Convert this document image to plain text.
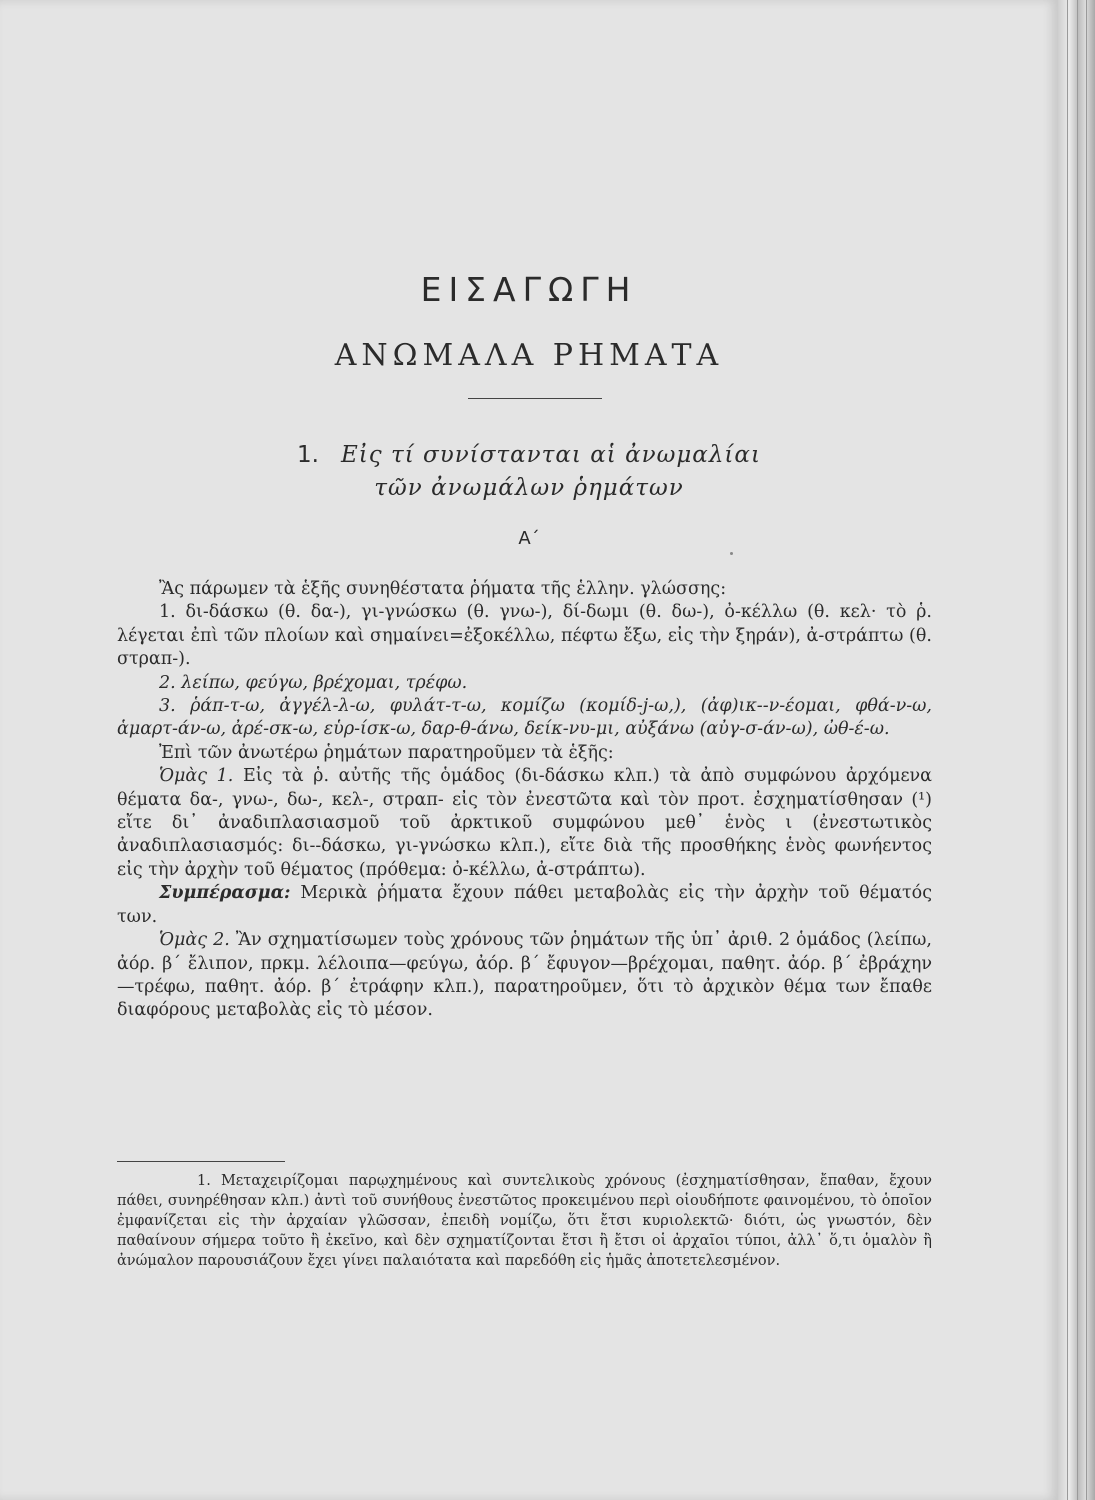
ΕΙΣΑΓΩΓΗ
ΑΝΩΜΑΛΑ ΡΗΜΑΤΑ
1. Εἰς τί συνίστανται αἱ ἀνωμαλίαι
τῶν ἀνωμάλων ῥημάτων
Α΄

Ἂς πάρωμεν τὰ ἑξῆς συνηθέστατα ῥήματα τῆς ἑλλην. γλώσσης:

1. δι-δάσκω (θ. δα-), γι-γνώσκω (θ. γνω-), δί-δωμι (θ. δω-), ὀ-κέλλω (θ. κελ· τὸ ῥ. λέγεται ἐπὶ τῶν πλοίων καὶ σημαίνει=ἐξοκέλλω, πέφτω ἔξω, εἰς τὴν ξηράν), ἀ-στράπτω (θ. στραπ-).

2. λείπω, φεύγω, βρέχομαι, τρέφω.

3. ῥάπ-τ-ω, ἀγγέλ-λ-ω, φυλάτ-τ-ω, κομίζω (κομίδ-j-ω,), (ἀφ)ικ--ν-έομαι, φθά-ν-ω, ἁμαρτ-άν-ω, ἀρέ-σκ-ω, εὑρ-ίσκ-ω, δαρ-θ-άνω, δείκ-νυ-μι, αὐξάνω (αὐγ-σ-άν-ω), ὠθ-έ-ω.

Ἐπὶ τῶν ἀνωτέρω ῥημάτων παρατηροῦμεν τὰ ἑξῆς:

Ὁμὰς 1. Εἰς τὰ ῥ. αὐτῆς τῆς ὁμάδος (δι-δάσκω κλπ.) τὰ ἀπὸ συμφώνου ἀρχόμενα θέματα δα-, γνω-, δω-, κελ-, στραπ- εἰς τὸν ἐνεστῶτα καὶ τὸν προτ. ἐσχηματίσθησαν (¹) εἴτε δι᾿ ἀναδιπλασιασμοῦ τοῦ ἀρκτικοῦ συμφώνου μεθ᾿ ἑνὸς ι (ἐνεστωτικὸς ἀναδιπλασιασμός: δι--δάσκω, γι-γνώσκω κλπ.), εἴτε διὰ τῆς προσθήκης ἑνὸς φωνήεντος εἰς τὴν ἀρχὴν τοῦ θέματος (πρόθεμα: ὀ-κέλλω, ἀ-στράπτω).

Συμπέρασμα: Μερικὰ ῥήματα ἔχουν πάθει μεταβολὰς εἰς τὴν ἀρχὴν τοῦ θέματός των.

Ὁμὰς 2. Ἂν σχηματίσωμεν τοὺς χρόνους τῶν ῥημάτων τῆς ὑπ᾿ ἀριθ. 2 ὁμάδος (λείπω, ἀόρ. β΄ ἔλιπον, πρκμ. λέλοιπα—φεύγω, ἀόρ. β΄ ἔφυγον—βρέχομαι, παθητ. ἀόρ. β΄ ἐβράχην—τρέφω, παθητ. ἀόρ. β΄ ἐτράφην κλπ.), παρατηροῦμεν, ὅτι τὸ ἀρχικὸν θέμα των ἔπαθε διαφόρους μεταβολὰς εἰς τὸ μέσον.

1. Μεταχειρίζομαι παρῳχημένους καὶ συντελικοὺς χρόνους (ἐσχηματίσθησαν, ἔπαθαν, ἔχουν πάθει, συνηρέθησαν κλπ.) ἀντὶ τοῦ συνήθους ἐνεστῶτος προκειμένου περὶ οἱουδήποτε φαινομένου, τὸ ὁποῖον ἐμφανίζεται εἰς τὴν ἀρχαίαν γλῶσσαν, ἐπειδὴ νομίζω, ὅτι ἔτσι κυριολεκτῶ· διότι, ὡς γνωστόν, δὲν παθαίνουν σήμερα τοῦτο ἢ ἐκεῖνο, καὶ δὲν σχηματίζονται ἔτσι ἢ ἔτσι οἱ ἀρχαῖοι τύποι, ἀλλ᾿ ὅ,τι ὁμαλὸν ἢ ἀνώμαλον παρουσιάζουν ἔχει γίνει παλαιότατα καὶ παρεδόθη εἰς ἡμᾶς ἀποτετελεσμένον.
